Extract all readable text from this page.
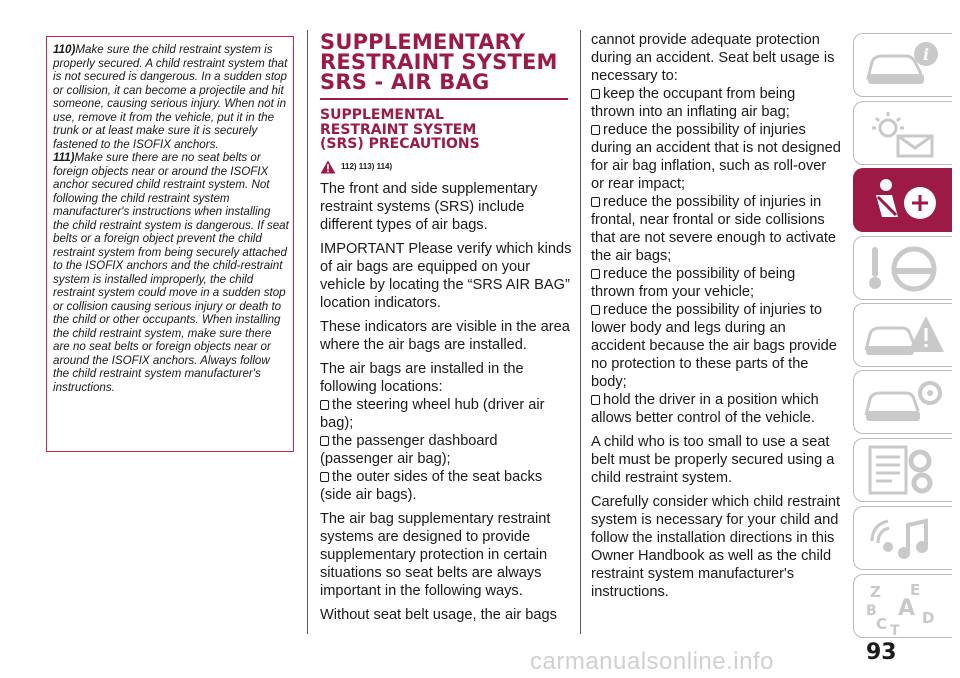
110)Make sure the child restraint system is properly secured. A child restraint system that is not secured is dangerous. In a sudden stop or collision, it can become a projectile and hit someone, causing serious injury. When not in use, remove it from the vehicle, put it in the trunk or at least make sure it is securely fastened to the ISOFIX anchors.

111)Make sure there are no seat belts or foreign objects near or around the ISOFIX anchor secured child restraint system. Not following the child restraint system manufacturer's instructions when installing the child restraint system is dangerous. If seat belts or a foreign object prevent the child restraint system from being securely attached to the ISOFIX anchors and the child-restraint system is installed improperly, the child restraint system could move in a sudden stop or collision causing serious injury or death to the child or other occupants. When installing the child restraint system, make sure there are no seat belts or foreign objects near or around the ISOFIX anchors. Always follow the child restraint system manufacturer's instructions.

SUPPLEMENTARY
RESTRAINT SYSTEM
SRS - AIR BAG
SUPPLEMENTAL
RESTRAINT SYSTEM
(SRS) PRECAUTIONS
112) 113) 114)

The front and side supplementary restraint systems (SRS) include different types of air bags.

IMPORTANT Please verify which kinds of air bags are equipped on your vehicle by locating the “SRS AIR BAG” location indicators.

These indicators are visible in the area where the air bags are installed.

The air bags are installed in the following locations:

the steering wheel hub (driver air bag);

the passenger dashboard (passenger air bag);

the outer sides of the seat backs (side air bags).

The air bag supplementary restraint systems are designed to provide supplementary protection in certain situations so seat belts are always important in the following ways.

Without seat belt usage, the air bags

cannot provide adequate protection during an accident. Seat belt usage is necessary to:

keep the occupant from being thrown into an inflating air bag;

reduce the possibility of injuries during an accident that is not designed for air bag inflation, such as roll-over or rear impact;

reduce the possibility of injuries in frontal, near frontal or side collisions that are not severe enough to activate the air bags;

reduce the possibility of being thrown from your vehicle;

reduce the possibility of injuries to lower body and legs during an accident because the air bags provide no protection to these parts of the body;

hold the driver in a position which allows better control of the vehicle.

A child who is too small to use a seat belt must be properly secured using a child restraint system.

Carefully consider which child restraint system is necessary for your child and follow the installation directions in this Owner Handbook as well as the child restraint system manufacturer's instructions.

i
Z E
A
B
C D
T
93
carmanualsonline.info
